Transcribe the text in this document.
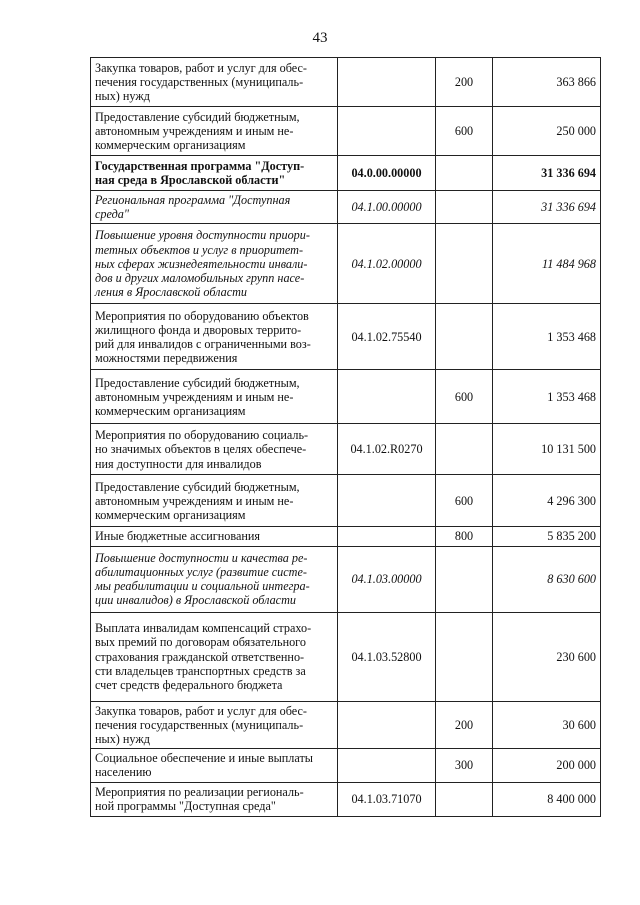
43
Закупка товаров, работ и услуг для обес-
печения государственных (муниципаль-
ных) нужд		200	363 866
Предоставление субсидий бюджетным,
автономным учреждениям и иным не-
коммерческим организациям		600	250 000
Государственная программа "Доступ-
ная среда в Ярославской области"	04.0.00.00000		31 336 694
Региональная программа "Доступная
среда"	04.1.00.00000		31 336 694
Повышение уровня доступности приори-
тетных объектов и услуг в приоритет-
ных сферах жизнедеятельности инвали-
дов и других маломобильных групп насе-
ления в Ярославской области	04.1.02.00000		11 484 968
Мероприятия по оборудованию объектов
жилищного фонда и дворовых террито-
рий для инвалидов с ограниченными воз-
можностями передвижения	04.1.02.75540		1 353 468
Предоставление субсидий бюджетным,
автономным учреждениям и иным не-
коммерческим организациям		600	1 353 468
Мероприятия по оборудованию социаль-
но значимых объектов в целях обеспече-
ния доступности для инвалидов	04.1.02.R0270		10 131 500
Предоставление субсидий бюджетным,
автономным учреждениям и иным не-
коммерческим организациям		600	4 296 300
Иные бюджетные ассигнования		800	5 835 200
Повышение доступности и качества ре-
абилитационных услуг (развитие систе-
мы реабилитации и социальной интегра-
ции инвалидов) в Ярославской области	04.1.03.00000		8 630 600
Выплата инвалидам компенсаций страхо-
вых премий по договорам обязательного
страхования гражданской ответственно-
сти владельцев транспортных средств за
счет средств федерального бюджета	04.1.03.52800		230 600
Закупка товаров, работ и услуг для обес-
печения государственных (муниципаль-
ных) нужд		200	30 600
Социальное обеспечение и иные выплаты
населению		300	200 000
Мероприятия по реализации региональ-
ной программы "Доступная среда"	04.1.03.71070		8 400 000
